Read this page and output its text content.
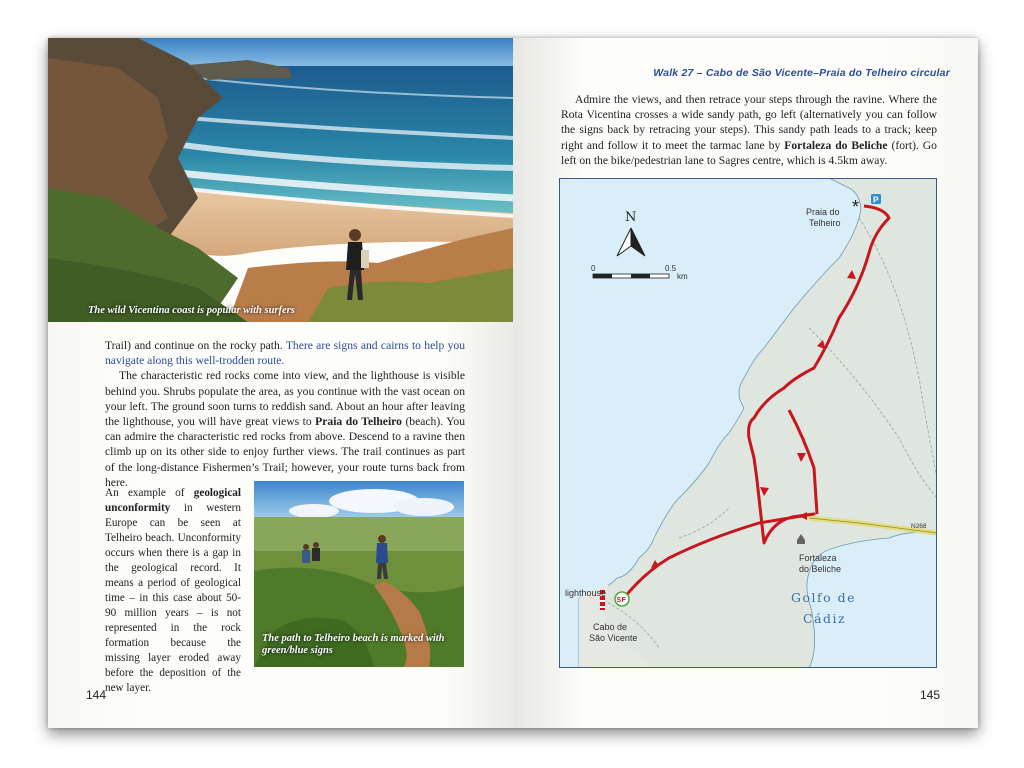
The wild Vicentina coast is popular with surfers

Trail) and continue on the rocky path. There are signs and cairns to help you navigate along this well-trodden route.

The characteristic red rocks come into view, and the lighthouse is visible behind you. Shrubs populate the area, as you continue with the vast ocean on your left. The ground soon turns to reddish sand. About an hour after leaving the lighthouse, you will have great views to Praia do Telheiro (beach). You can admire the characteristic red rocks from above. Descend to a ravine then climb up on its other side to enjoy further views. The trail continues as part of the long-distance Fishermen’s Trail; however, your route turns back from here.

An example of geological unconformity in western Europe can be seen at Telheiro beach. Unconformity occurs when there is a gap in the geological record. It means a period of geological time – in this case about 50-90 million years – is not represented in the rock formation because the missing layer eroded away before the deposition of the new layer.
The path to Telheiro beach is marked with green/blue signs
144
Walk 27 – Cabo de São Vicente–Praia do Telheiro circular

Admire the views, and then retrace your steps through the ravine. Where the Rota Vicentina crosses a wide sandy path, go left (alternatively you can follow the signs back by retracing your steps). This sandy path leads to a track; keep right and follow it to meet the tarmac lane by Fortaleza do Beliche (fort). Go left on the bike/pedestrian lane to Sagres centre, which is 4.5km away.

N268
S F
* P
Praia do
Telheiro
Fortaleza
do Beliche
lighthouse
Cabo de
São Vicente
Golfo de
Cádiz
N
0	0.5
km
145
